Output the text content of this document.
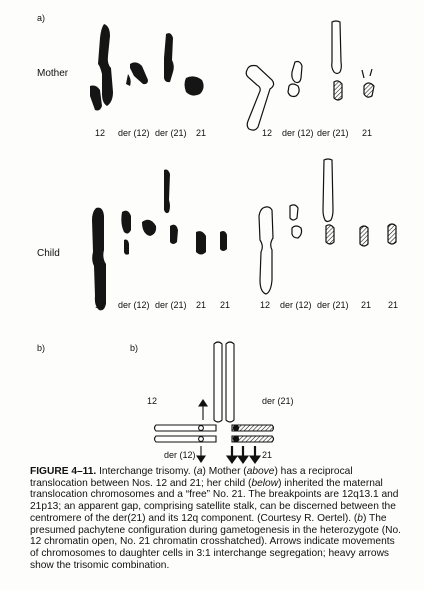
a)
b)	b)
Mother
Child
12 der (12) der (21) 21	12 der (12) der (21) 21
12 der (12) der (21) 21 21	12 der (12) der (21) 21 21
12	der (21)
der (12)	21
FIGURE 4–11. Interchange trisomy. (a) Mother (above) has a reciprocal translocation between Nos. 12 and 21; her child (below) inherited the maternal translocation chromosomes and a “free” No. 21. The breakpoints are 12q13.1 and 21p13; an apparent gap, comprising satellite stalk, can be discerned between the centromere of the der(21) and its 12q component. (Courtesy R. Oertel). (b) The presumed pachytene configuration during gametogenesis in the heterozygote (No. 12 chromatin open, No. 21 chromatin crosshatched). Arrows indicate movements of chromosomes to daughter cells in 3:1 interchange segregation; heavy arrows show the trisomic combination.
